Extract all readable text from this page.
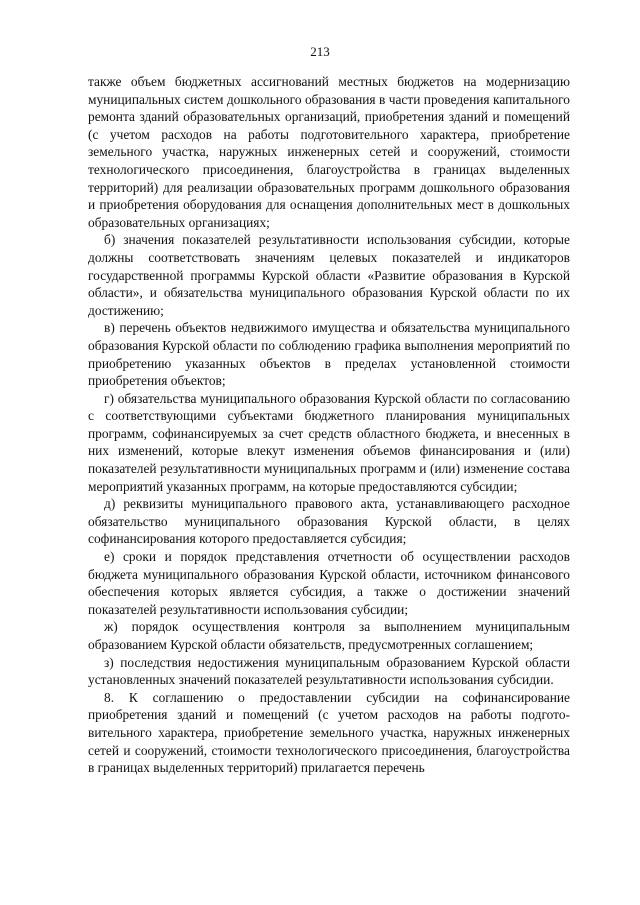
213

также объем бюджетных ассигнований местных бюджетов на модернизацию муниципальных систем дошкольного образования в части проведения капитального ремонта зданий образовательных организаций, приобретения зданий и помещений (с учетом расходов на работы подготовительного характера, приобретение земельного участка, наружных инженерных сетей и сооружений, стоимости технологического присоединения, благоустройства в границах выделенных территорий) для реализации образовательных программ дошкольного образования и приобретения оборудования для оснащения дополнительных мест в дошкольных образовательных организациях;

б) значения показателей результативности использования субсидии, которые должны соответствовать значениям целевых показателей и индикаторов государственной программы Курской области «Развитие образования в Курской области», и обязательства муниципального образования Курской области по их достижению;

в) перечень объектов недвижимого имущества и обязательства муниципального образования Курской области по соблюдению графика выполнения мероприятий по приобретению указанных объектов в пределах установленной стоимости приобретения объектов;

г) обязательства муниципального образования Курской области по согласованию с соответствующими субъектами бюджетного планирования муниципальных программ, софинансируемых за счет средств областного бюджета, и внесенных в них изменений, которые влекут изменения объемов финансирования и (или) показателей результативности муниципальных программ и (или) изменение состава мероприятий указанных программ, на которые предоставляются субсидии;

д) реквизиты муниципального правового акта, устанавливающего расходное обязательство муниципального образования Курской области, в целях софинансирования которого предоставляется субсидия;

е) сроки и порядок представления отчетности об осуществлении расходов бюджета муниципального образования Курской области, источником финансового обеспечения которых является субсидия, а также о достижении значений показателей результативности использования субсидии;

ж) порядок осуществления контроля за выполнением муниципальным образованием Курской области обязательств, предусмотренных соглашением;

з) последствия недостижения муниципальным образованием Курской области установленных значений показателей результативности использования субсидии.

8. К соглашению о предоставлении субсидии на софинансирование приобретения зданий и помещений (с учетом расходов на работы подготовительного характера, приобретение земельного участка, наружных инженерных сетей и сооружений, стоимости технологического присоединения, благоустройства в границах выделенных территорий) прилагается перечень
